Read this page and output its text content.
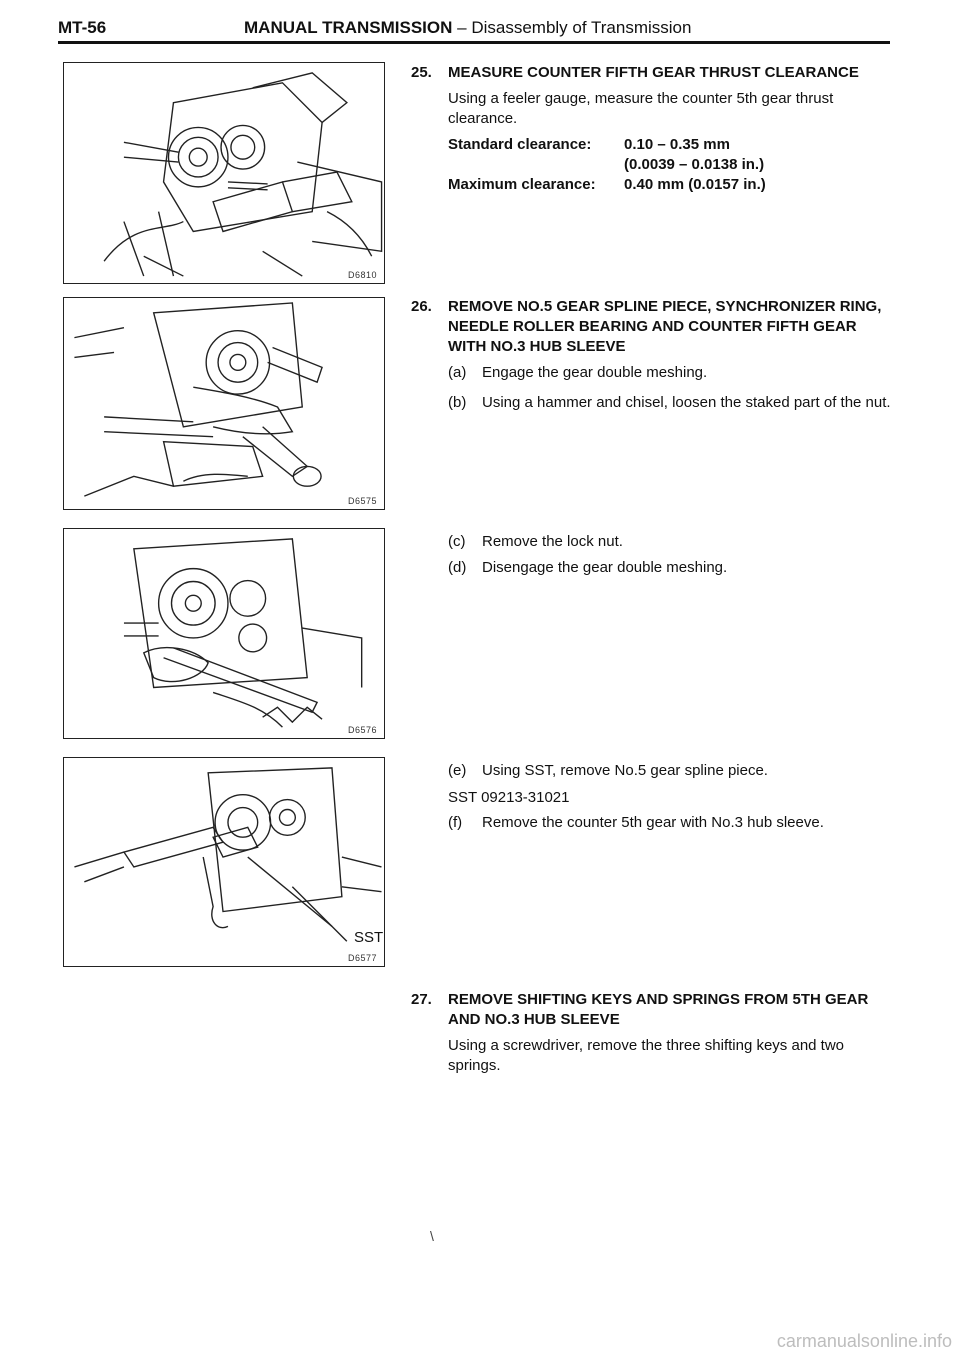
MT-56	MANUAL TRANSMISSION – Disassembly of Transmission
D6810
D6575
D6576
SST
D6577
25. MEASURE COUNTER FIFTH GEAR THRUST CLEARANCE

Using a feeler gauge, measure the counter 5th gear thrust clearance.

Standard clearance: 0.10 – 0.35 mm
(0.0039 – 0.0138 in.)
Maximum clearance: 0.40 mm (0.0157 in.)
26. REMOVE NO.5 GEAR SPLINE PIECE, SYNCHRONIZER RING, NEEDLE ROLLER BEARING AND COUNTER FIFTH GEAR WITH NO.3 HUB SLEEVE
(a) Engage the gear double meshing.
(b) Using a hammer and chisel, loosen the staked part of the nut.
(c) Remove the lock nut.
(d) Disengage the gear double meshing.
(e) Using SST, remove No.5 gear spline piece.
SST 09213-31021
(f) Remove the counter 5th gear with No.3 hub sleeve.
27. REMOVE SHIFTING KEYS AND SPRINGS FROM 5TH GEAR AND NO.3 HUB SLEEVE

Using a screwdriver, remove the three shifting keys and two springs.

\
carmanualsonline.info
